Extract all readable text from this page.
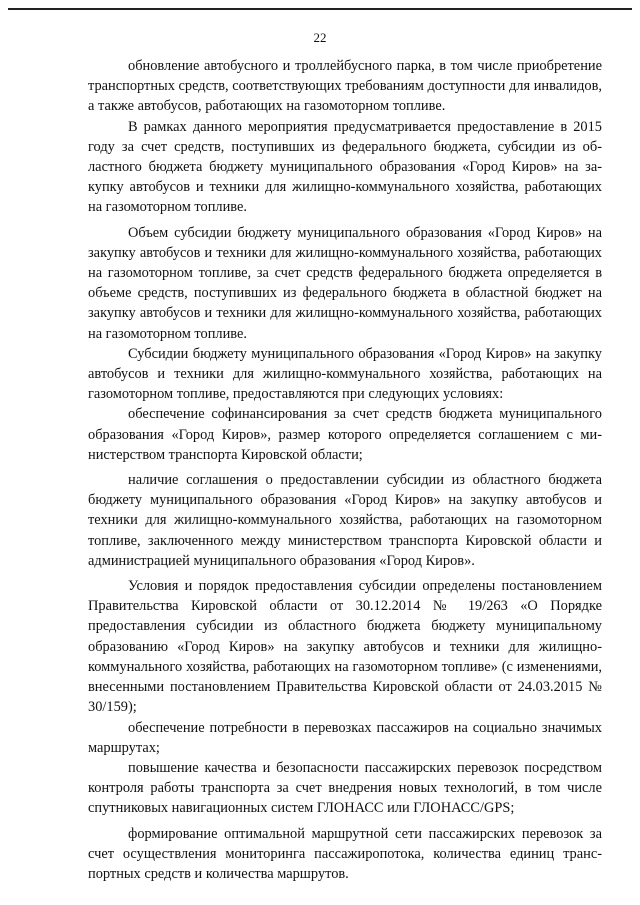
22

обновление автобусного и троллейбусного парка, в том числе приобретение транспортных средств, соответствующих требованиям доступности для инвалидов, а также автобусов, работающих на газомоторном топливе.

В рамках данного мероприятия предусматривается предоставление в 2015 году за счет средств, поступивших из федерального бюджета, субсидии из областного бюджета бюджету муниципального образования «Город Киров» на закупку автобусов и техники для жилищно-коммунального хозяйства, работающих на газомоторном топливе.

Объем субсидии бюджету муниципального образования «Город Киров» на закупку автобусов и техники для жилищно-коммунального хозяйства, работающих на газомоторном топливе, за счет средств федерального бюджета определяется в объеме средств, поступивших из федерального бюджета в областной бюджет на закупку автобусов и техники для жилищно-коммунального хозяйства, работающих на газомоторном топливе.

Субсидии бюджету муниципального образования «Город Киров» на закупку автобусов и техники для жилищно-коммунального хозяйства, работающих на газомоторном топливе, предоставляются при следующих условиях:

обеспечение софинансирования за счет средств бюджета муниципального образования «Город Киров», размер которого определяется соглашением с министерством транспорта Кировской области;

наличие соглашения о предоставлении субсидии из областного бюджета бюджету муниципального образования «Город Киров» на закупку автобусов и техники для жилищно-коммунального хозяйства, работающих на газомоторном топливе, заключенного между министерством транспорта Кировской области и администрацией муниципального образования «Город Киров».

Условия и порядок предоставления субсидии определены постановлением Правительства Кировской области от 30.12.2014 № 19/263 «О Порядке предоставления субсидии из областного бюджета бюджету муниципальному образованию «Город Киров» на закупку автобусов и техники для жилищно-коммунального хозяйства, работающих на газомоторном топливе» (с изменениями, внесенными постановлением Правительства Кировской области от 24.03.2015 № 30/159);

обеспечение потребности в перевозках пассажиров на социально значимых маршрутах;

повышение качества и безопасности пассажирских перевозок посредством контроля работы транспорта за счет внедрения новых технологий, в том числе спутниковых навигационных систем ГЛОНАСС или ГЛОНАСС/GPS;

формирование оптимальной маршрутной сети пассажирских перевозок за счет осуществления мониторинга пассажиропотока, количества единиц транспортных средств и количества маршрутов.
